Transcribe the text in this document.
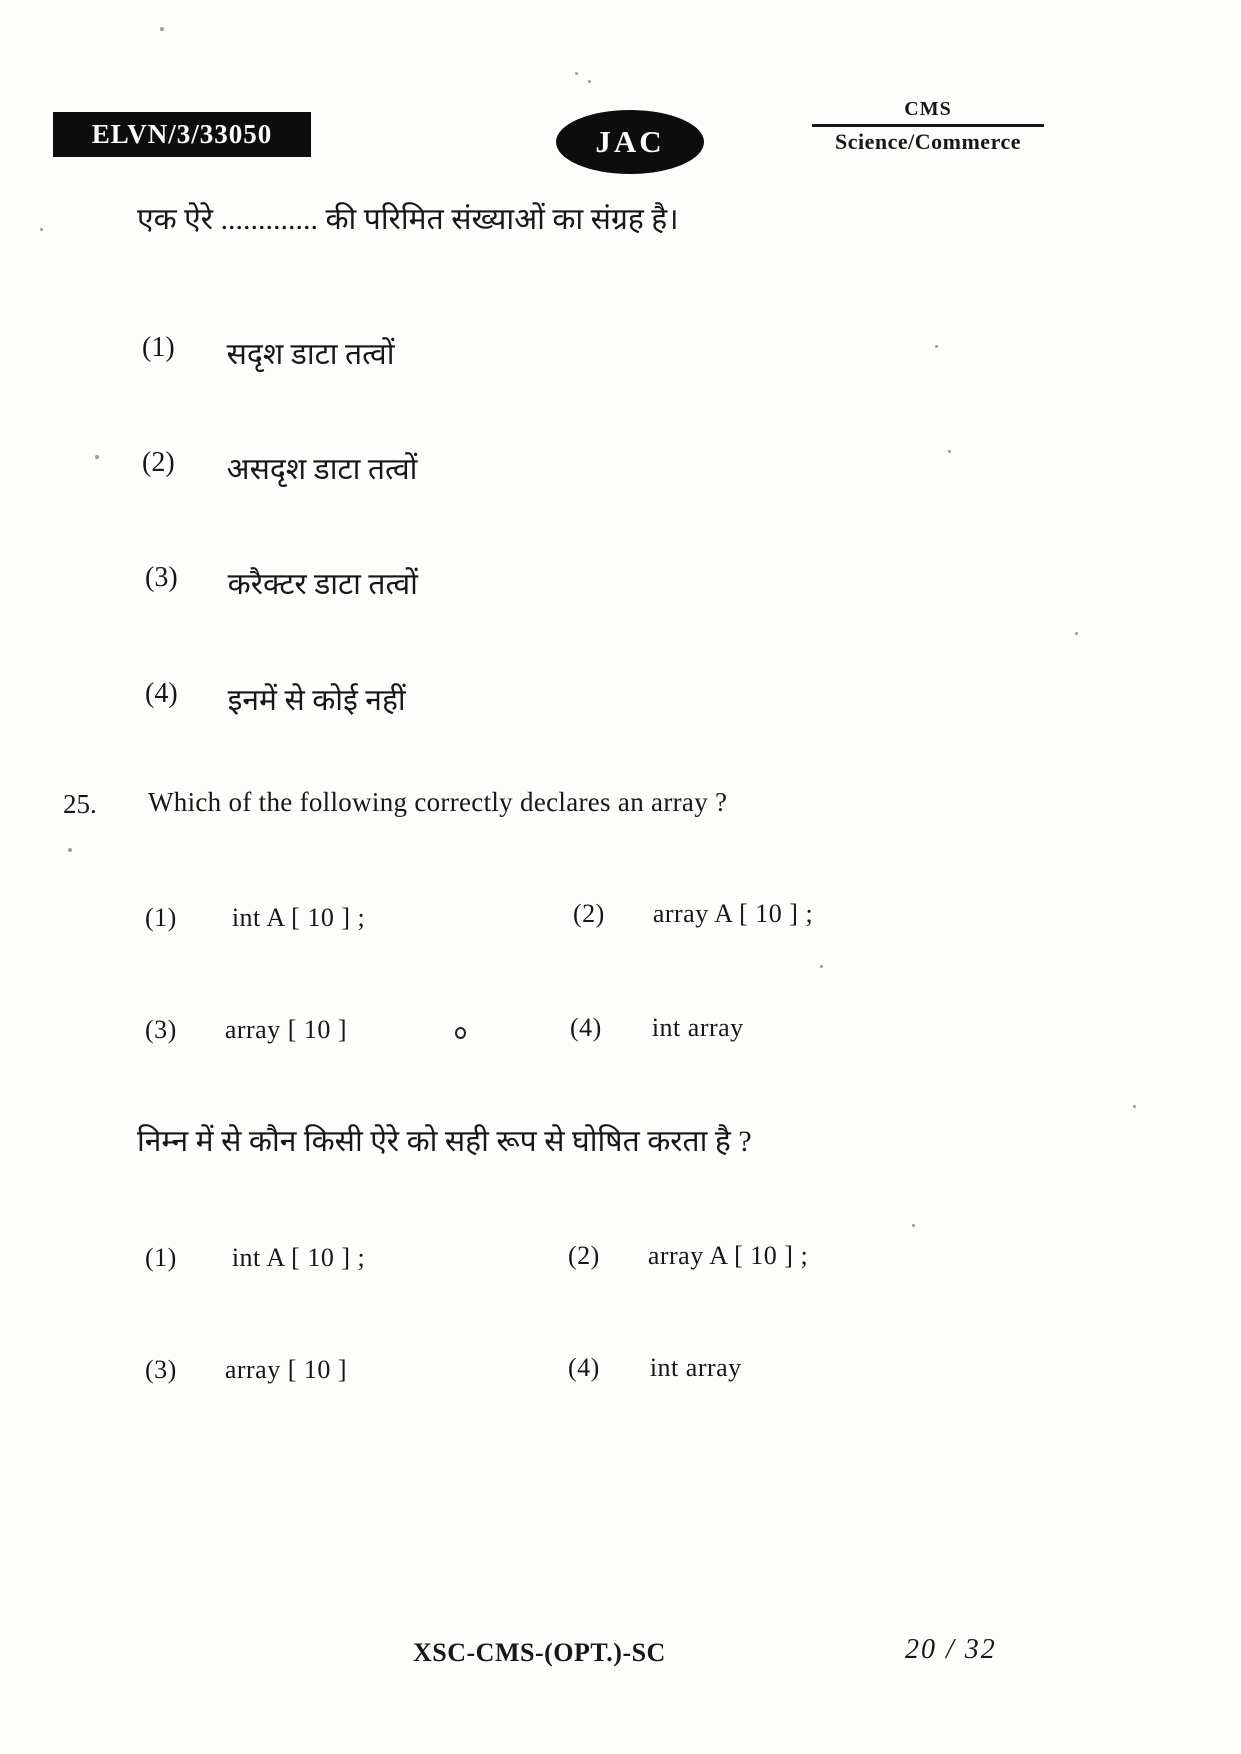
ELVN/3/33050	JAC
CMS
Science/Commerce
एक ऐरे ............. की परिमित संख्याओं का संग्रह है।
(1) सदृश डाटा तत्वों
(2) असदृश डाटा तत्वों
(3) करैक्टर डाटा तत्वों
(4) इनमें से कोई नहीं
25. Which of the following correctly declares an array ?
(1) int A [ 10 ] ;	(2) array A [ 10 ] ;
(3) array [ 10 ]	(4) int array
निम्न में से कौन किसी ऐरे को सही रूप से घोषित करता है ?
(1) int A [ 10 ] ;	(2) array A [ 10 ] ;
(3) array [ 10 ]	(4) int array
XSC-CMS-(OPT.)-SC	20 / 32
